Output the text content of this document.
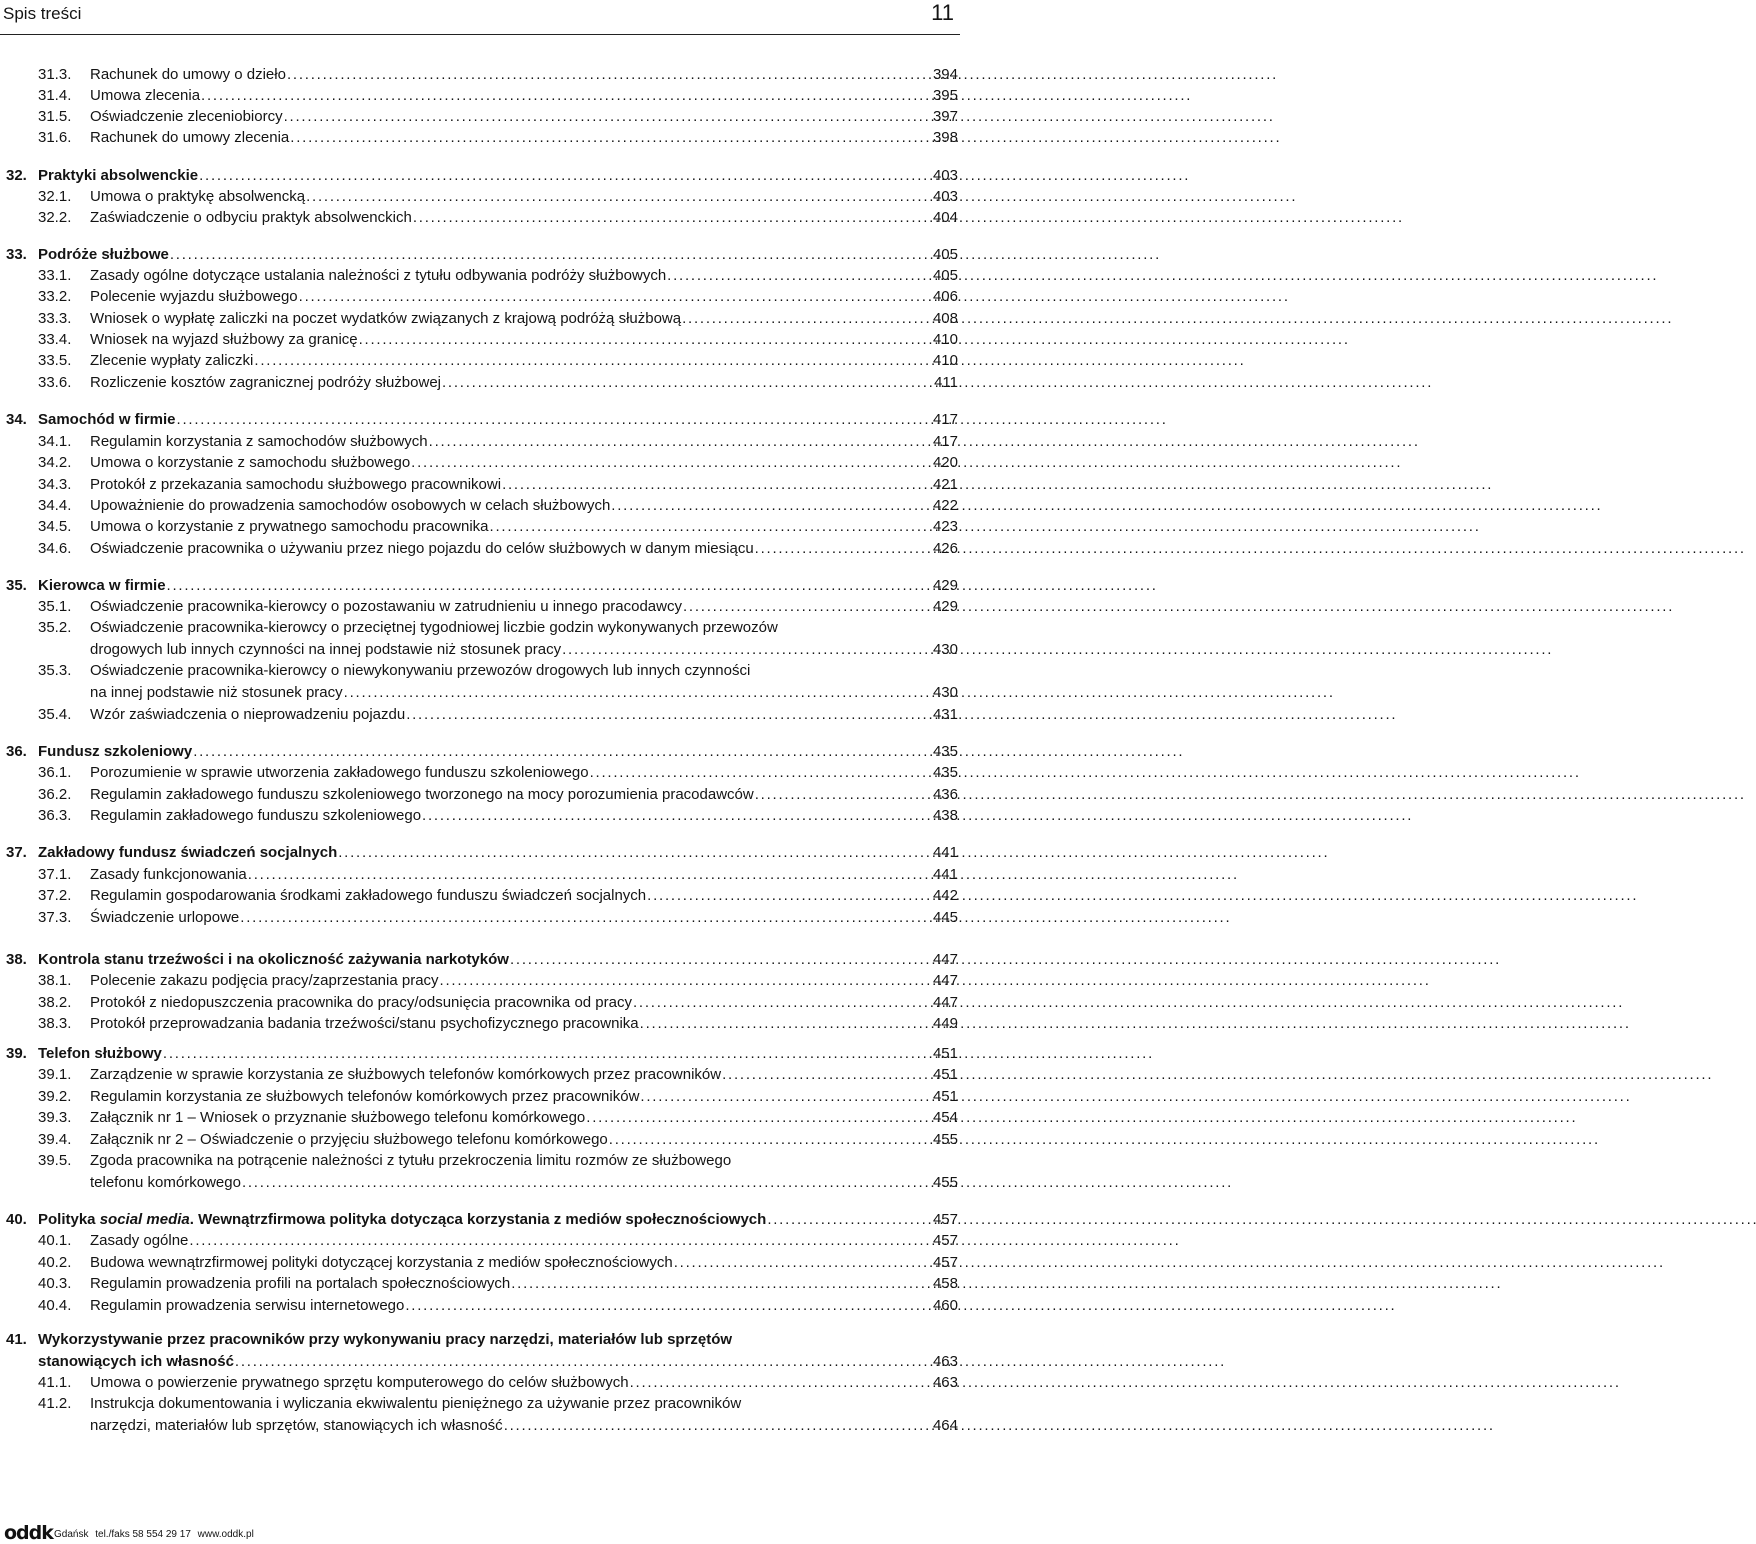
Spis treści	11
31.3. Rachunek do umowy o dzieło . . .	394
31.4. Umowa zlecenia . . .	395
31.5. Oświadczenie zleceniobiorcy . . .	397
31.6. Rachunek do umowy zlecenia . . .	398
32. Praktyki absolwenckie . . .	403
32.1. Umowa o praktykę absolwencką . . .	403
32.2. Zaświadczenie o odbyciu praktyk absolwenckich . . .	404
33. Podróże służbowe . . .	405
33.1. Zasady ogólne dotyczące ustalania należności z tytułu odbywania podróży służbowych . . .	405
33.2. Polecenie wyjazdu służbowego . . .	406
33.3. Wniosek o wypłatę zaliczki na poczet wydatków związanych z krajową podróżą służbową . . .	408
33.4. Wniosek na wyjazd służbowy za granicę . . .	410
33.5. Zlecenie wypłaty zaliczki . . .	410
33.6. Rozliczenie kosztów zagranicznej podróży służbowej . . .	411
34. Samochód w firmie . . .	417
34.1. Regulamin korzystania z samochodów służbowych . . .	417
34.2. Umowa o korzystanie z samochodu służbowego . . .	420
34.3. Protokół z przekazania samochodu służbowego pracownikowi . . .	421
34.4. Upoważnienie do prowadzenia samochodów osobowych w celach służbowych . . .	422
34.5. Umowa o korzystanie z prywatnego samochodu pracownika . . .	423
34.6. Oświadczenie pracownika o używaniu przez niego pojazdu do celów służbowych w danym miesiącu . . .	426
35. Kierowca w firmie . . .	429
35.1. Oświadczenie pracownika-kierowcy o pozostawaniu w zatrudnieniu u innego pracodawcy . . .	429
35.2. Oświadczenie pracownika-kierowcy o przeciętnej tygodniowej liczbie godzin wykonywanych przewozów
drogowych lub innych czynności na innej podstawie niż stosunek pracy . . .	430
35.3. Oświadczenie pracownika-kierowcy o niewykonywaniu przewozów drogowych lub innych czynności
na innej podstawie niż stosunek pracy . . .	430
35.4. Wzór zaświadczenia o nieprowadzeniu pojazdu . . .	431
36. Fundusz szkoleniowy . . .	435
36.1. Porozumienie w sprawie utworzenia zakładowego funduszu szkoleniowego . . .	435
36.2. Regulamin zakładowego funduszu szkoleniowego tworzonego na mocy porozumienia pracodawców . . .	436
36.3. Regulamin zakładowego funduszu szkoleniowego . . .	438
37. Zakładowy fundusz świadczeń socjalnych . . .	441
37.1. Zasady funkcjonowania . . .	441
37.2. Regulamin gospodarowania środkami zakładowego funduszu świadczeń socjalnych . . .	442
37.3. Świadczenie urlopowe . . .	445
38. Kontrola stanu trzeźwości i na okoliczność zażywania narkotyków . . .	447
38.1. Polecenie zakazu podjęcia pracy/zaprzestania pracy . . .	447
38.2. Protokół z niedopuszczenia pracownika do pracy/odsunięcia pracownika od pracy . . .	447
38.3. Protokół przeprowadzania badania trzeźwości/stanu psychofizycznego pracownika . . .	449
39. Telefon służbowy . . .	451
39.1. Zarządzenie w sprawie korzystania ze służbowych telefonów komórkowych przez pracowników . . .	451
39.2. Regulamin korzystania ze służbowych telefonów komórkowych przez pracowników . . .	451
39.3. Załącznik nr 1 – Wniosek o przyznanie służbowego telefonu komórkowego . . .	454
39.4. Załącznik nr 2 – Oświadczenie o przyjęciu służbowego telefonu komórkowego . . .	455
39.5. Zgoda pracownika na potrącenie należności z tytułu przekroczenia limitu rozmów ze służbowego
telefonu komórkowego . . .	455
40. Polityka social media. Wewnątrzfirmowa polityka dotycząca korzystania z mediów społecznościowych . . .	457
40.1. Zasady ogólne . . .	457
40.2. Budowa wewnątrzfirmowej polityki dotyczącej korzystania z mediów społecznościowych . . .	457
40.3. Regulamin prowadzenia profili na portalach społecznościowych . . .	458
40.4. Regulamin prowadzenia serwisu internetowego . . .	460
41. Wykorzystywanie przez pracowników przy wykonywaniu pracy narzędzi, materiałów lub sprzętów
stanowiących ich własność . . .	463
41.1. Umowa o powierzenie prywatnego sprzętu komputerowego do celów służbowych . . .	463
41.2. Instrukcja dokumentowania i wyliczania ekwiwalentu pieniężnego za używanie przez pracowników
narzędzi, materiałów lub sprzętów, stanowiących ich własność . . .	464
oddk Gdańsk tel./faks 58 554 29 17 www.oddk.pl
